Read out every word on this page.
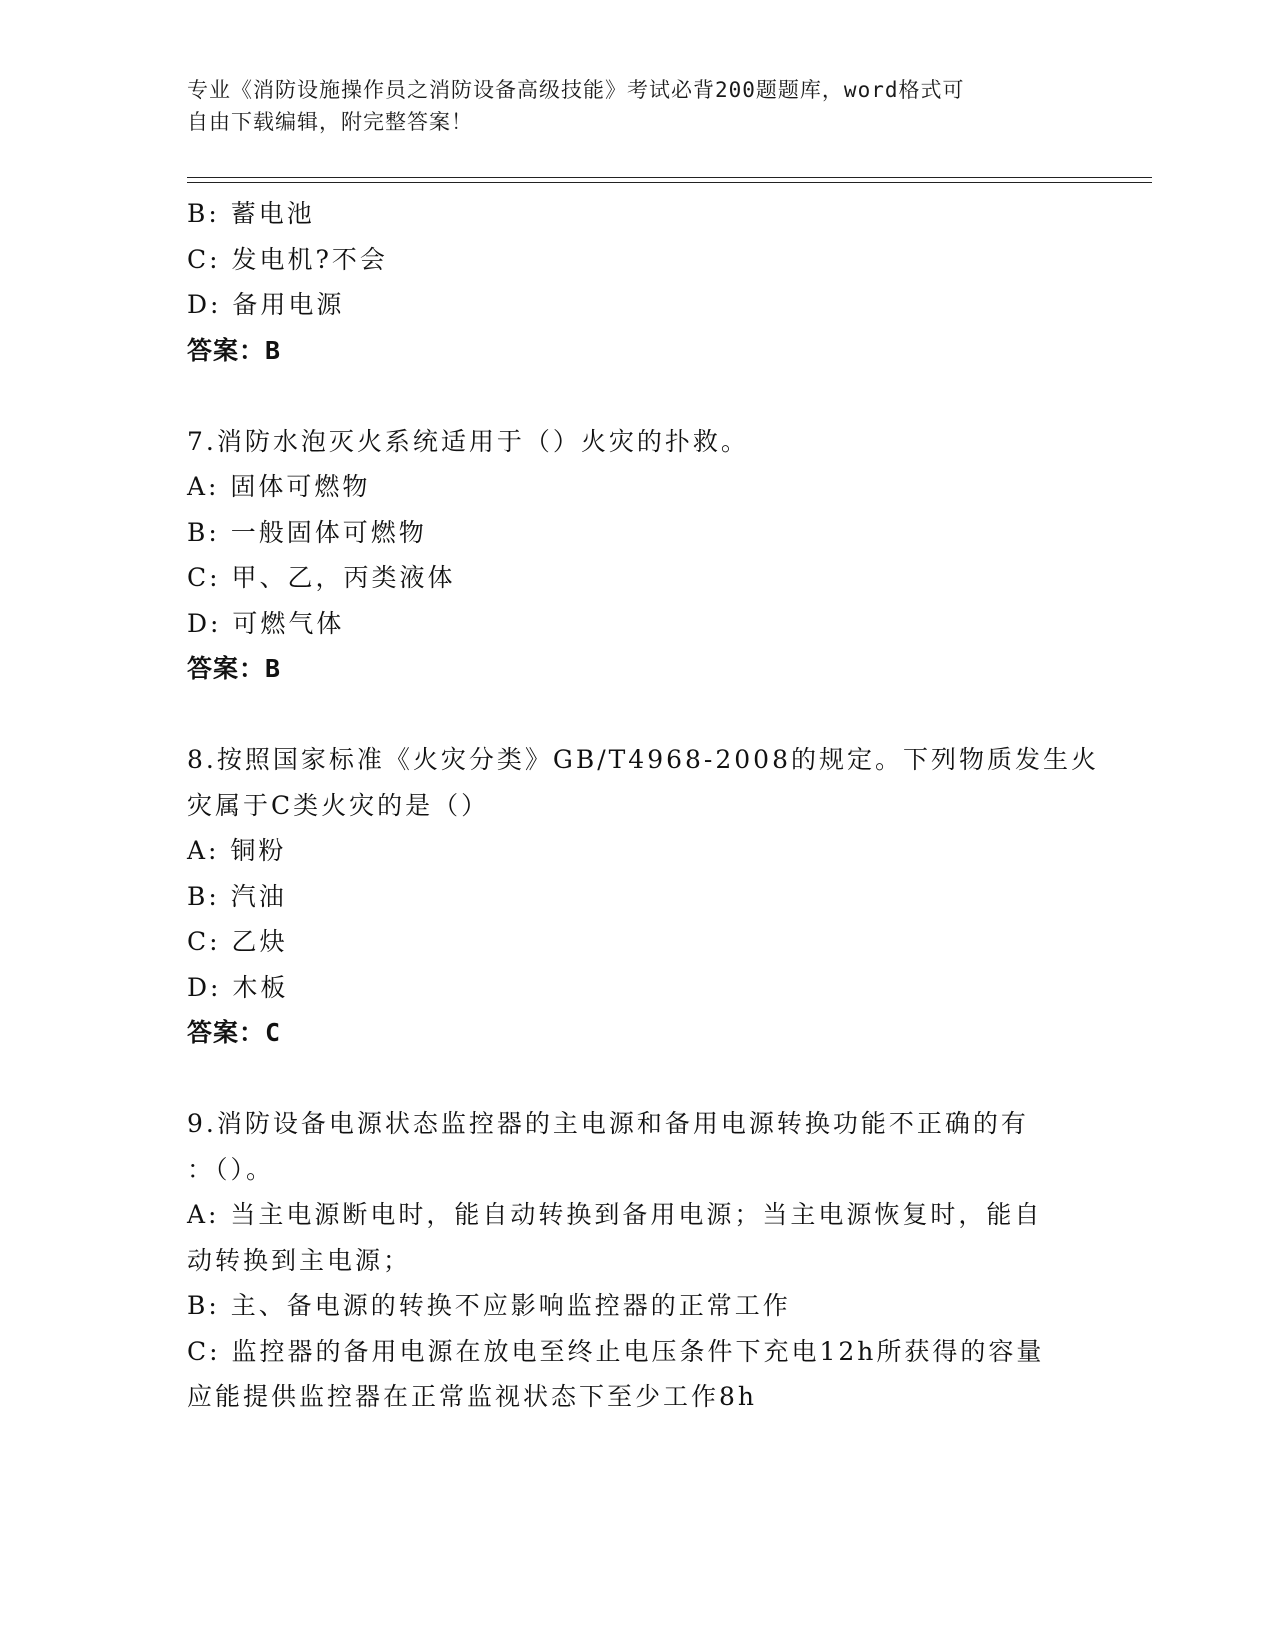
专业《消防设施操作员之消防设备高级技能》考试必背200题题库，word格式可
自由下载编辑，附完整答案！
B: 蓄电池
C: 发电机?不会
D: 备用电源
答案：B
7.消防水泡灭火系统适用于（）火灾的扑救。
A: 固体可燃物
B: 一般固体可燃物
C: 甲、乙，丙类液体
D: 可燃气体
答案：B
8.按照国家标准《火灾分类》GB/T4968-2008的规定。下列物质发生火
灾属于C类火灾的是（）
A: 铜粉
B: 汽油
C: 乙炔
D: 木板
答案：C
9.消防设备电源状态监控器的主电源和备用电源转换功能不正确的有
：（）。
A: 当主电源断电时，能自动转换到备用电源；当主电源恢复时，能自
动转换到主电源；
B: 主、备电源的转换不应影响监控器的正常工作
C: 监控器的备用电源在放电至终止电压条件下充电12h所获得的容量
应能提供监控器在正常监视状态下至少工作8h
